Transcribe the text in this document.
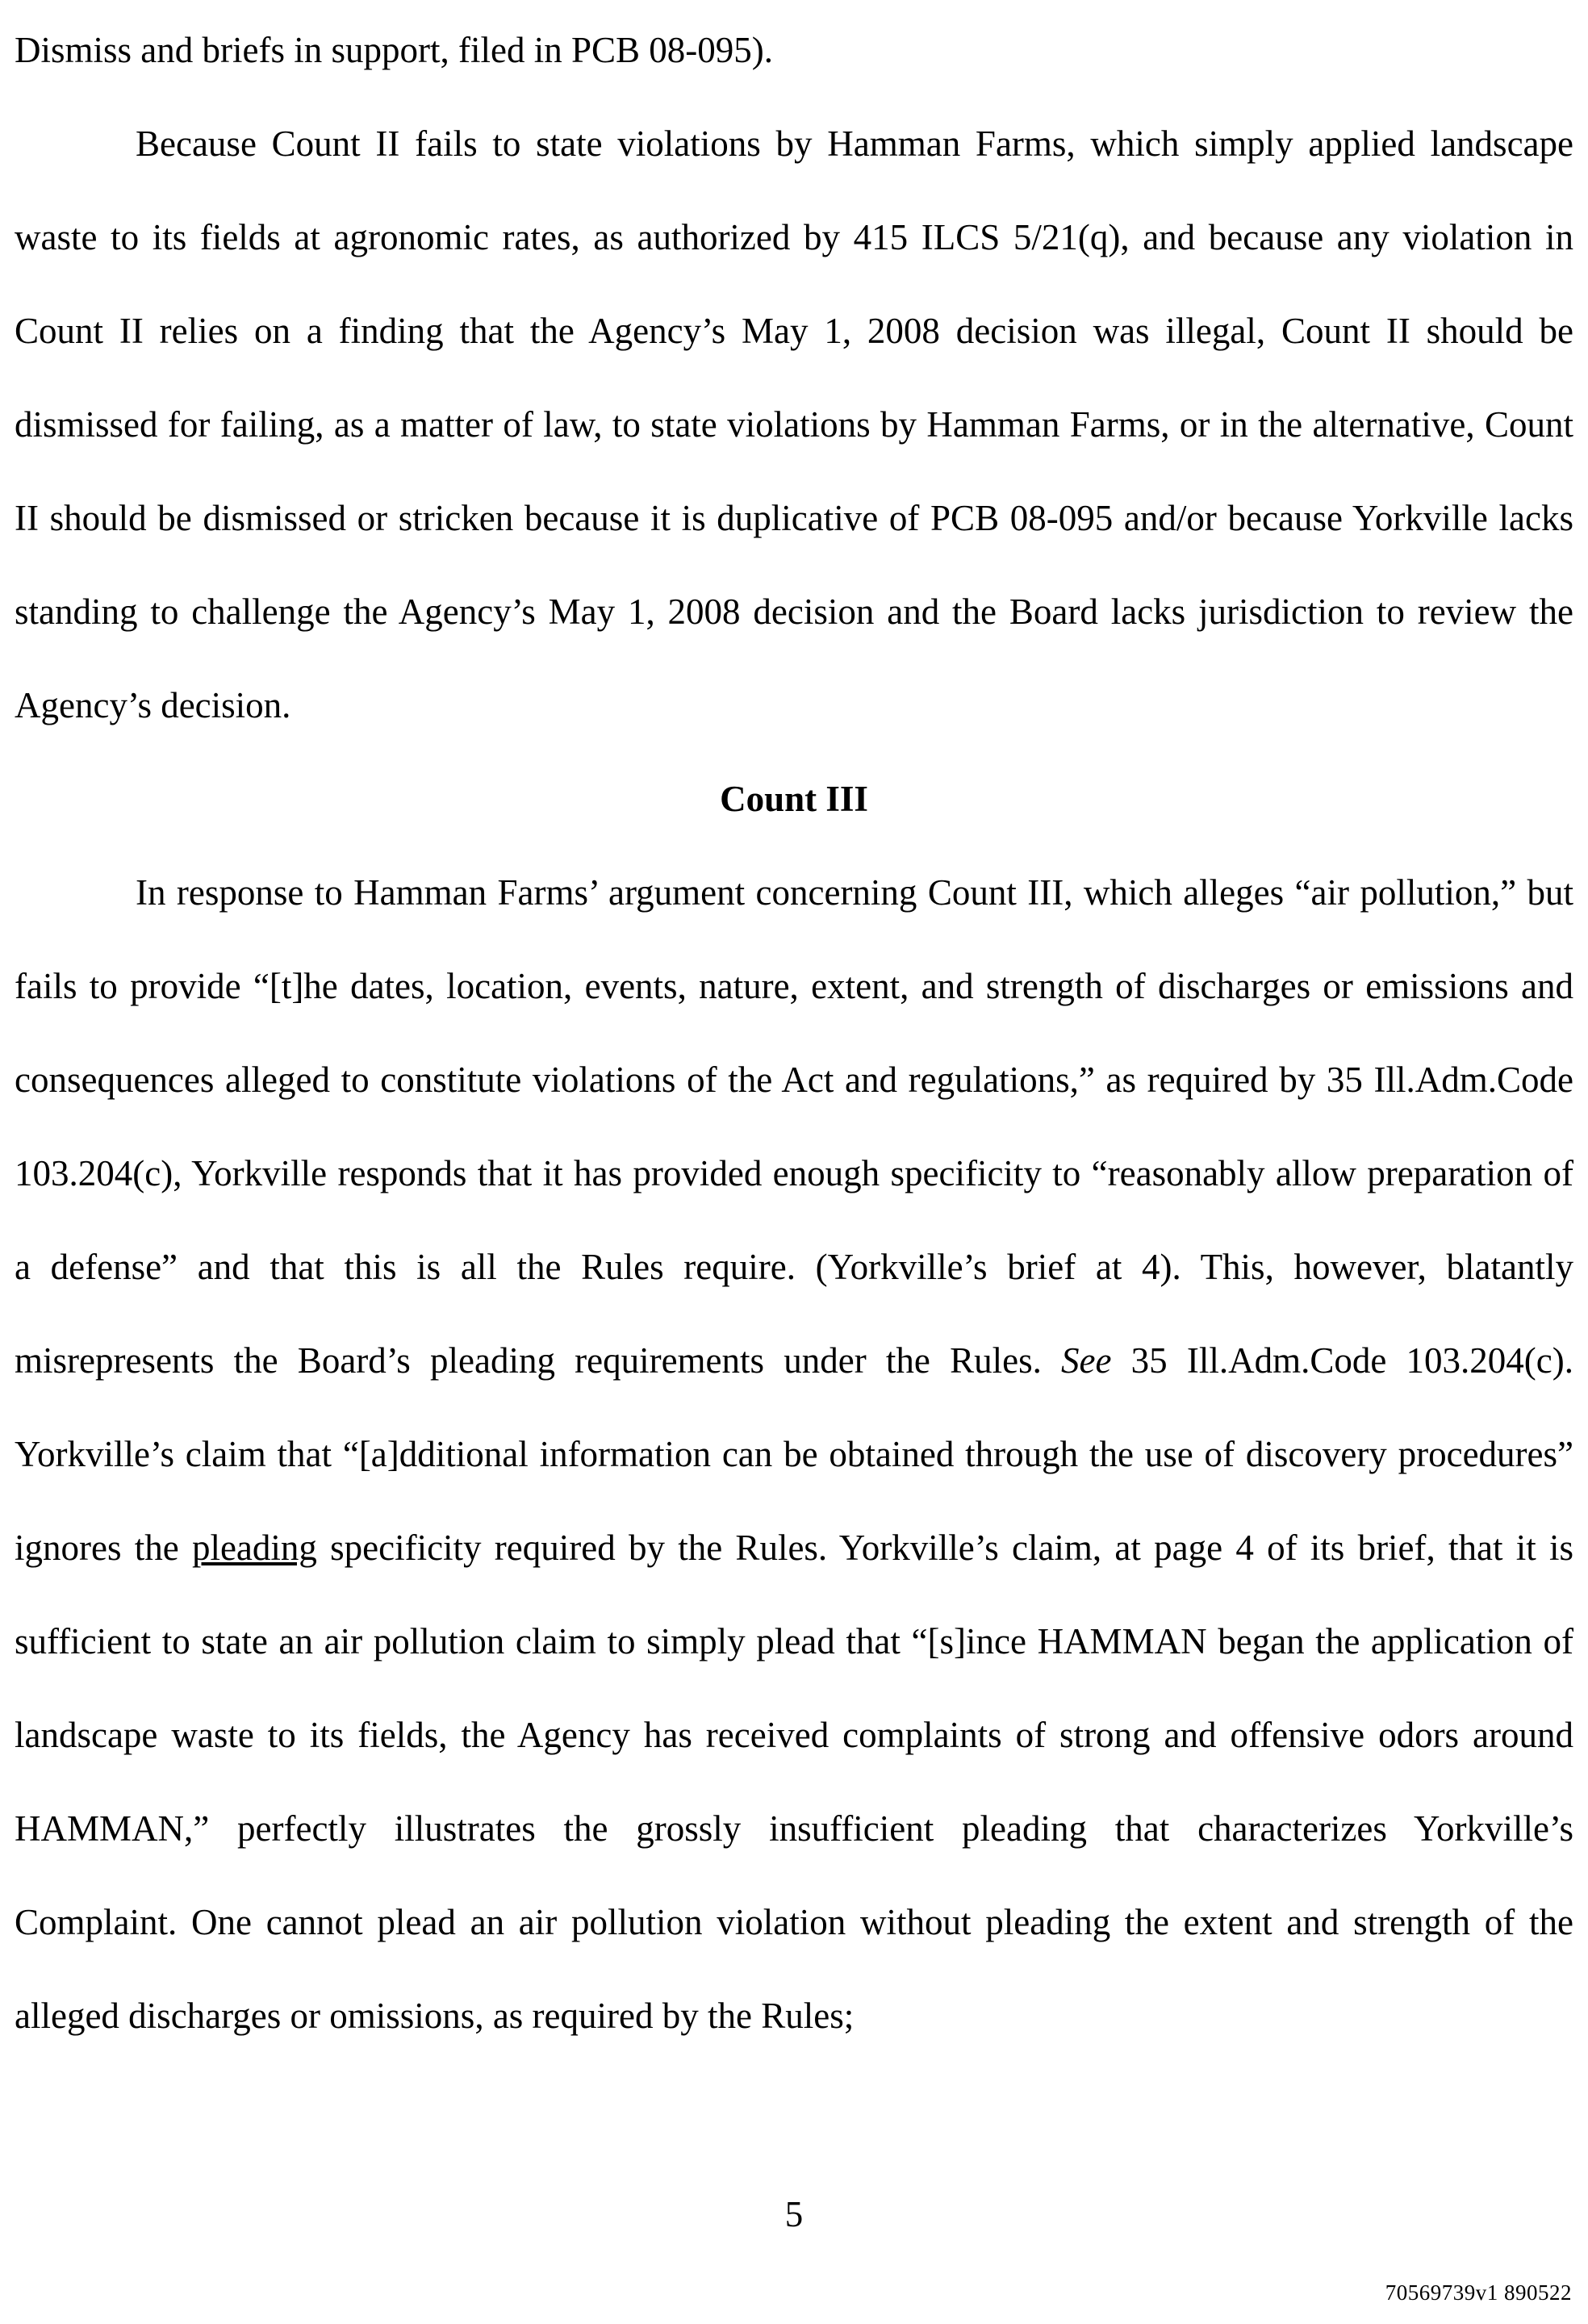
Dismiss and briefs in support, filed in PCB 08-095).

Because Count II fails to state violations by Hamman Farms, which simply applied landscape waste to its fields at agronomic rates, as authorized by 415 ILCS 5/21(q), and because any violation in Count II relies on a finding that the Agency’s May 1, 2008 decision was illegal, Count II should be dismissed for failing, as a matter of law, to state violations by Hamman Farms, or in the alternative, Count II should be dismissed or stricken because it is duplicative of PCB 08-095 and/or because Yorkville lacks standing to challenge the Agency’s May 1, 2008 decision and the Board lacks jurisdiction to review the Agency’s decision.

Count III

In response to Hamman Farms’ argument concerning Count III, which alleges “air pollution,” but fails to provide “[t]he dates, location, events, nature, extent, and strength of discharges or emissions and consequences alleged to constitute violations of the Act and regulations,” as required by 35 Ill.Adm.Code 103.204(c), Yorkville responds that it has provided enough specificity to “reasonably allow preparation of a defense” and that this is all the Rules require. (Yorkville’s brief at 4). This, however, blatantly misrepresents the Board’s pleading requirements under the Rules. See 35 Ill.Adm.Code 103.204(c). Yorkville’s claim that “[a]dditional information can be obtained through the use of discovery procedures” ignores the pleading specificity required by the Rules. Yorkville’s claim, at page 4 of its brief, that it is sufficient to state an air pollution claim to simply plead that “[s]ince HAMMAN began the application of landscape waste to its fields, the Agency has received complaints of strong and offensive odors around HAMMAN,” perfectly illustrates the grossly insufficient pleading that characterizes Yorkville’s Complaint. One cannot plead an air pollution violation without pleading the extent and strength of the alleged discharges or omissions, as required by the Rules;

5
70569739v1 890522
